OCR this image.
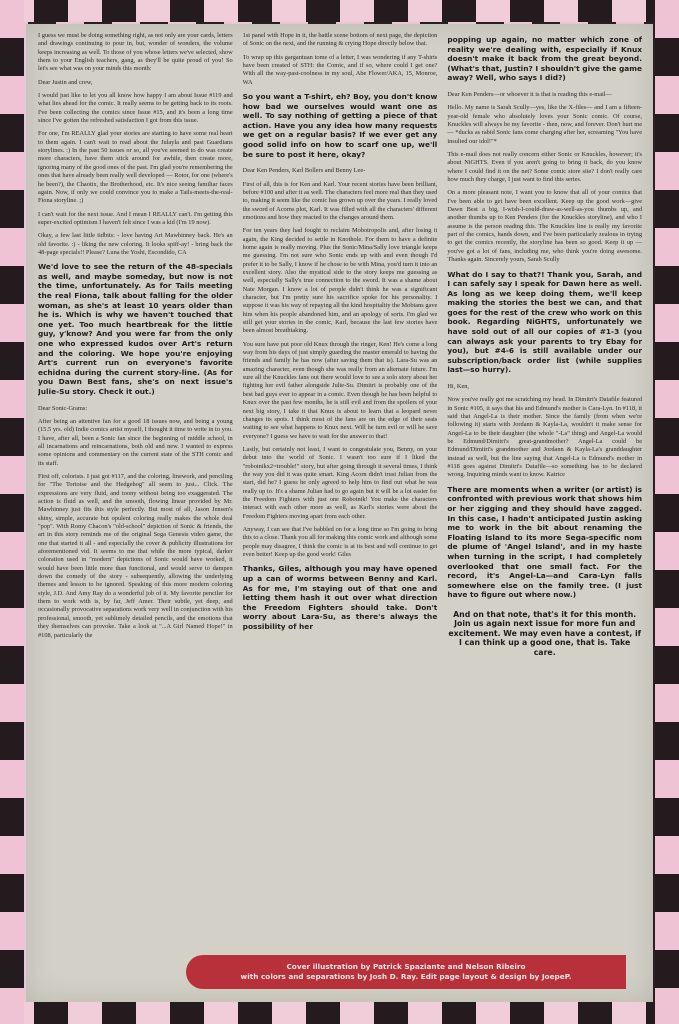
I guess we must be doing something right, as not only are your cards, letters and drawings continuing to pour in, but, wonder of wonders, the volume keeps increasing as well. To those of you whose letters we've selected, show them to your English teachers, gang, as they'll be quite proud of you! So let's see what was on your minds this month:

Dear Justin and crew,

I would just like to let you all know how happy I am about Issue #119 and what lies ahead for the comic. It really seems to be getting back to its roots. I've been collecting the comics since Issue #15, and it's been a long time since I've gotten the refreshed satisfaction I got from this issue.

For one, I'm REALLY glad your stories are starting to have some real heart to them again. I can't wait to read about the Julayla and past Guardians storylines. :) In the past 50 issues or so, all you've seemed to do was create more characters, have them stick around for awhile, then create more, ignoring many of the good ones of the past. I'm glad you're remembering the ones that have already been really well developed — Rotor, for one (where's he been?), the Chaotix, the Brotherhood, etc. It's nice seeing familiar faces again. Now, if only we could convince you to make a Tails-meets-the-real-Fiona storyline. ;)

I can't wait for the next issue. And I mean I REALLY can't. I'm getting this super-excited optimism I haven't felt since I was a kid (I'm 19 now).

Okay, a few last little tidbits: - love having Art Mawhinney back. He's an old favorite. :) - liking the new coloring. It looks spiff-ay! - bring back the 48-page specials!! Please? Luna the Yoshi, Escondido, CA

We'd love to see the return of the 48-specials as well, and maybe someday, but now is not the time, unfortunately. As for Tails meeting the real Fiona, talk about falling for the older woman, as she's at least 10 years older than he is. Which is why we haven't touched that one yet. Too much heartbreak for the little guy, y'know? And you were far from the only one who expressed kudos over Art's return and the coloring. We hope you're enjoying Art's current run on everyone's favorite echidna during the current story-line. (As for you Dawn Best fans, she's on next issue's Julie-Su story. Check it out.)

Dear Sonic-Grams:

After being an attentive fan for a good 18 issues now, and being a young (15.5 yrs. old) Indie comics artist myself, I thought it time to write in to you. I have, after all, been a Sonic fan since the beginning of middle school, in all incarnations and reincarnations, both old and new. I wanted to express some opinions and commentary on the current state of the STH comic and its staff.

First off, colorists. I just got #117, and the coloring, linework, and penciling for "The Tortoise and the Hedgehog" all seem to just... Click. The expressions are very fluid, and toony without being too exaggerated. The action is fluid as well, and the smooth, flowing linear provided by Mr. Mawhinney just fits this style perfectly. But most of all, Jason Jensen's shiny, simple, accurate but opulent coloring really makes the whole deal "pop". With Romy Chacon's "old-school" depiction of Sonic & friends, the art in this story reminds me of the original Sega Genesis video game, the one that started it all - and especially the cover & publicity illustrations for aforementioned vid. It seems to me that while the more typical, darker coloration used in "modern" depictions of Sonic would have worked, it would have been little more than functional, and would serve to dampen down the comedy of the story - subsequently, allowing the underlying themes and lesson to be ignored. Speaking of this more modern coloring style, J.D. And Amy Ray do a wonderful job of it. My favorite penciler for them to work with is, by far, Jeff Amer. Their subtle, yet deep, and occasionally provocative separations work very well in conjunction with his professional, smooth, yet sublimely detailed pencils, and the emotions that they themselves can provoke. Take a look at "...A Girl Named Hope!" in #108, particularly the

1st panel with Hope in it, the battle scene bottom of next page, the depiction of Sonic on the next, and the running & crying Hope directly below that.

To wrap up this gargantuan tome of a letter, I was wondering if any T-shirts have been created of STH: the Comic, and if so, where could I get one? With all the way-past-coolness in my soul, Abe Flower/AKA, 15, Monroe, WA

So you want a T-shirt, eh? Boy, you don't know how bad we ourselves would want one as well. To say nothing of getting a piece of that action. Have you any idea how many requests we get on a regular basis? If we ever get any good solid info on how to scarf one up, we'll be sure to post it here, okay?

Dear Ken Penders, Karl Bollers and Benny Lee-

First of all, this is for Ken and Karl. Your recent stories have been brilliant, before #100 and after it as well. The characters feel more real than they used to, making it seem like the comic has grown up over the years. I really loved the sword of Acorns plot, Karl. It was filled with all the characters' different emotions and how they reacted to the changes around them.

For ten years they had fought to reclaim Mobotropolis and, after losing it again, the King decided to settle in Knothole. For them to have a definite home again is really moving. Plus the Sonic/Mina/Sally love triangle keeps me guessing. I'm not sure who Sonic ends up with and even though I'd prefer it to be Sally, I know if he chose to be with Mina, you'd turn it into an excellent story. Also the mystical side to the story keeps me guessing as well, especially Sally's true connection to the sword. It was a shame about Nate Morgan. I know a lot of people didn't think he was a significant character, but I'm pretty sure his sacrifice spoke for his personality. I suppose it was his way of repaying all the kind hospitality the Mobians gave him when his people abandoned him, and an apology of sorts. I'm glad we still get your stories in the comic, Karl, because the last few stories have been almost breathtaking.

You sure have put poor old Knux through the ringer, Ken! He's come a long way from his days of just simply guarding the master emerald to having the friends and family he has now (after saving them that is). Lara-Su was an amazing character, even though she was really from an alternate future. I'm sure all the Knuckles fans out there would love to see a solo story about her fighting her evil father alongside Julie-Su. Dimitri is probably one of the best bad guys ever to appear in a comic. Even though he has been helpful to Knux over the past few months, he is still evil and from the spoilers of your next big story, I take it that Knux is about to learn that a leopard never changes its spots. I think most of the fans are on the edge of their seats waiting to see what happens to Knux next. Will he turn evil or will he save everyone? I guess we have to wait for the answer to that!

Lastly, but certainly not least, I want to congratulate you, Benny, on your debut into the world of Sonic. I wasn't too sure if I liked the "robotnikx2=trouble!" story, but after going through it several times, I think the way you did it was quite smart. King Acorn didn't trust Julian from the start, did he? I guess he only agreed to help him to find out what he was really up to. It's a shame Julian had to go again but it will be a lot easier for the Freedom Fighters with just one Robotnik! You make the characters interact with each other more as well, as Karl's stories were about the Freedom Fighters moving apart from each other.

Anyway, I can see that I've babbled on for a long time so I'm going to bring this to a close. Thank you all for making this comic work and although some people may disagree, I think the comic is at its best and will continue to get even better! Keep up the good work! Giles

Thanks, Giles, although you may have opened up a can of worms between Benny and Karl. As for me, I'm staying out of that one and letting them hash it out over what direction the Freedom Fighters should take. Don't worry about Lara-Su, as there's always the possibility of her

popping up again, no matter which zone of reality we're dealing with, especially if Knux doesn't make it back from the great beyond. (What's that, Justin? I shouldn't give the game away? Well, who says I did?)

Dear Ken Penders—or whoever it is that is reading this e-mail—

Hello. My name is Sarah Scully—yes, like the X-files— and I am a fifteen-year-old female who absolutely loves your Sonic comic. Of course, Knuckles will always be my favorite - then, now, and forever. Don't hurt me — *ducks as rabid Sonic fans come charging after her, screaming "You have insulted our idol!"*

This e-mail does not really concern either Sonic or Knuckles, however; it's about NiGHTS. Even if you aren't going to bring it back, do you know where I could find it on the net? Some comic store site? I don't really care how much they charge, I just want to find this series.

On a more pleasant note, I want you to know that all of your comics that I've been able to get have been excellent. Keep up the good work—give Dawn Best a big, I-wish-I-could-draw-as-well-as-you thumbs up, and another thumbs up to Ken Penders (for the Knuckles storyline), and who I assume is the person reading this. The Knuckles line is really my favorite part of the comics, hands down, and I've been particularly zealous in trying to get the comics recently, the storyline has been so good. Keep it up — you've got a lot of fans, including me, who think you're doing awesome. Thanks again. Sincerely yours, Sarah Scully

What do I say to that?! Thank you, Sarah, and I can safely say I speak for Dawn here as well. As long as we keep doing them, we'll keep making the stories the best we can, and that goes for the rest of the crew who work on this book. Regarding NiGHTS, unfortunately we have sold out of all our copies of #1-3 (you can always ask your parents to try Ebay for you), but #4-6 is still available under our subscription/back order list (while supplies last—so hurry).

Hi, Ken,

Now you've really got me scratching my head. In Dimitri's Datafile featured in Sonic #105, it says that his and Edmund's mother is Cara-Lyn. In #118, it said that Angel-La is their mother. Since the family (from when we're following it) starts with Jordann & Kayla-La, wouldn't it make sense for Angel-La to be their daughter (the whole "-La" thing) and Angel-La would be Edmund/Dimitri's great-grandmother? Angel-La could be Edmund/Dimitri's grandmother and Jordann & Kayla-La's granddaughter instead as well, but the line saying that Angel-La is Edmund's mother in #118 goes against Dimitri's Datafile—so something has to be declared wrong. Inquiring minds want to know. Katrice

There are moments when a writer (or artist) is confronted with previous work that shows him or her zigging and they should have zagged. In this case, I hadn't anticipated Justin asking me to work in the bit about renaming the Floating Island to its more Sega-specific nom de plume of 'Angel Island', and in my haste when turning in the script, I had completely overlooked that one small fact. For the record, it's Angel-La—and Cara-Lyn falls somewhere else on the family tree. (I just have to figure out where now.)

And on that note, that's it for this month. Join us again next issue for more fun and excitement. We may even have a contest, if I can think up a good one, that is. Take care.

Cover illustration by Patrick Spaziante and Nelson Ribeiro
with colors and separations by Josh D. Ray. Edit page layout & design by JoepeP.
